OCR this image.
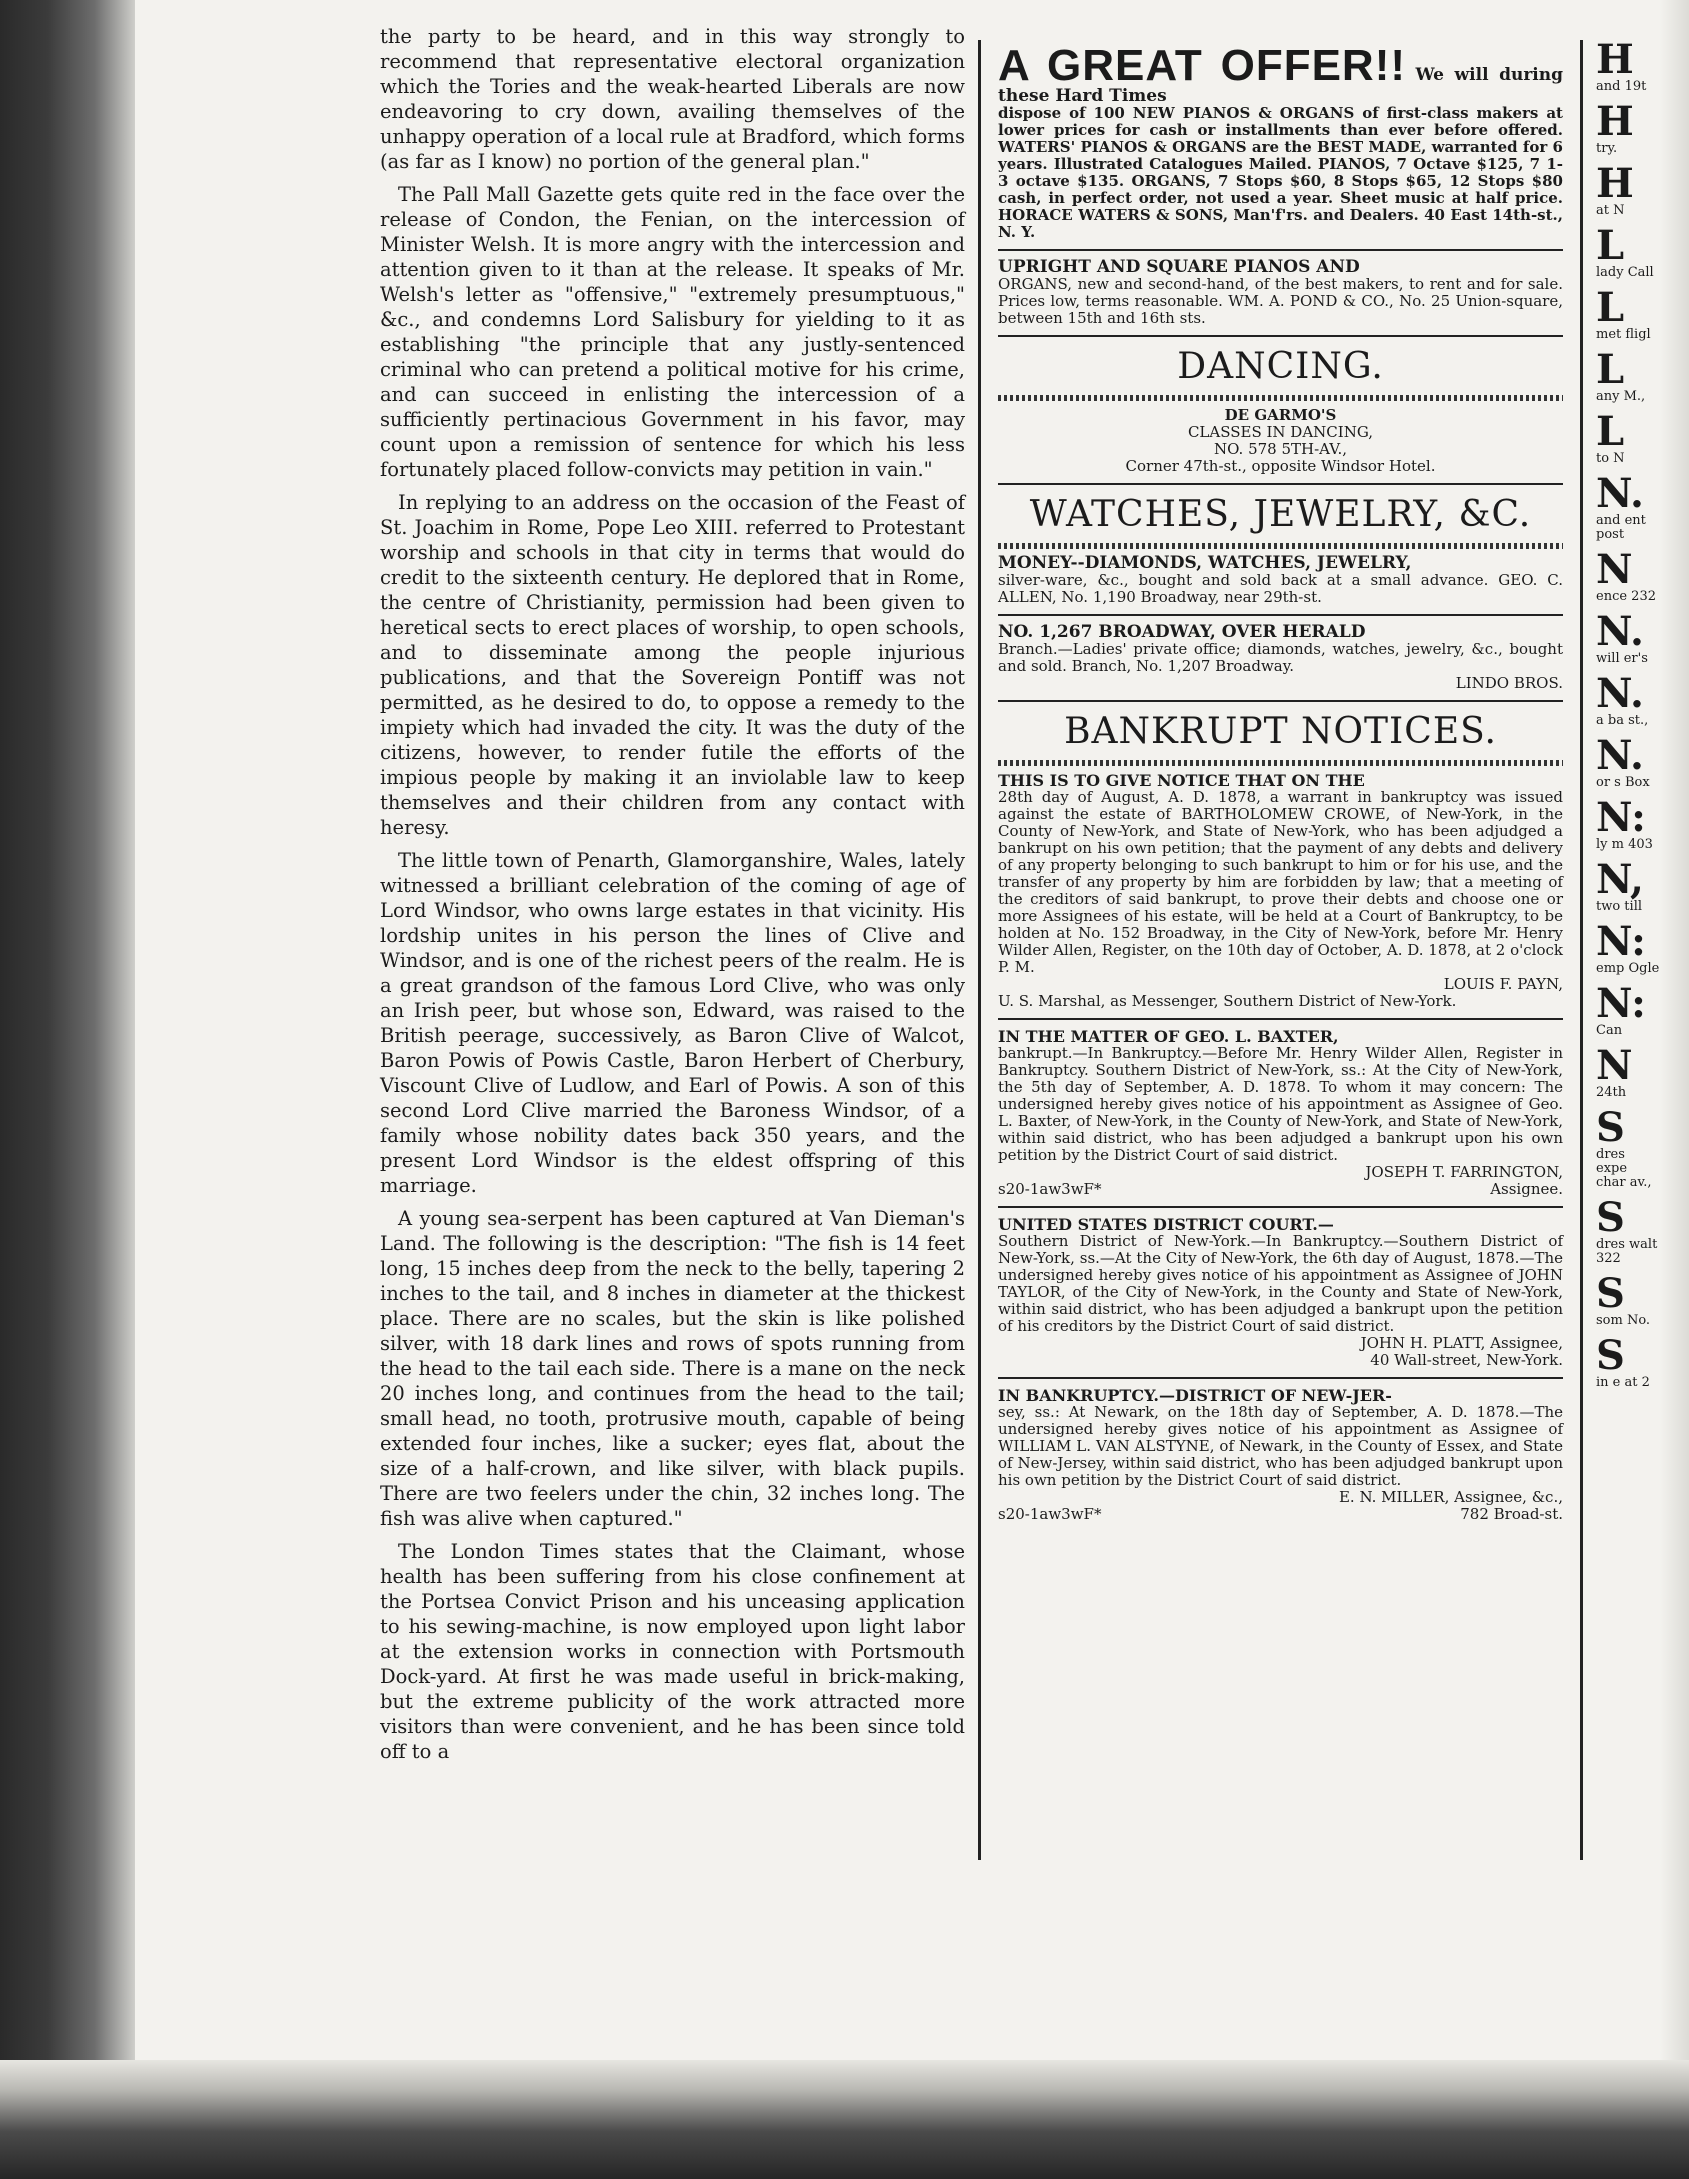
the party to be heard, and in this way strongly to recommend that representative electoral organization which the Tories and the weak-hearted Liberals are now endeavoring to cry down, availing themselves of the unhappy operation of a local rule at Bradford, which forms (as far as I know) no portion of the general plan."

The Pall Mall Gazette gets quite red in the face over the release of Condon, the Fenian, on the intercession of Minister Welsh. It is more angry with the intercession and attention given to it than at the release. It speaks of Mr. Welsh's letter as "offensive," "extremely presumptuous," &c., and condemns Lord Salisbury for yielding to it as establishing "the principle that any justly-sentenced criminal who can pretend a political motive for his crime, and can succeed in enlisting the intercession of a sufficiently pertinacious Government in his favor, may count upon a remission of sentence for which his less fortunately placed follow-convicts may petition in vain."

In replying to an address on the occasion of the Feast of St. Joachim in Rome, Pope Leo XIII. referred to Protestant worship and schools in that city in terms that would do credit to the sixteenth century. He deplored that in Rome, the centre of Christianity, permission had been given to heretical sects to erect places of worship, to open schools, and to disseminate among the people injurious publications, and that the Sovereign Pontiff was not permitted, as he desired to do, to oppose a remedy to the impiety which had invaded the city. It was the duty of the citizens, however, to render futile the efforts of the impious people by making it an inviolable law to keep themselves and their children from any contact with heresy.

The little town of Penarth, Glamorganshire, Wales, lately witnessed a brilliant celebration of the coming of age of Lord Windsor, who owns large estates in that vicinity. His lordship unites in his person the lines of Clive and Windsor, and is one of the richest peers of the realm. He is a great grandson of the famous Lord Clive, who was only an Irish peer, but whose son, Edward, was raised to the British peerage, successively, as Baron Clive of Walcot, Baron Powis of Powis Castle, Baron Herbert of Cherbury, Viscount Clive of Ludlow, and Earl of Powis. A son of this second Lord Clive married the Baroness Windsor, of a family whose nobility dates back 350 years, and the present Lord Windsor is the eldest offspring of this marriage.

A young sea-serpent has been captured at Van Dieman's Land. The following is the description: "The fish is 14 feet long, 15 inches deep from the neck to the belly, tapering 2 inches to the tail, and 8 inches in diameter at the thickest place. There are no scales, but the skin is like polished silver, with 18 dark lines and rows of spots running from the head to the tail each side. There is a mane on the neck 20 inches long, and continues from the head to the tail; small head, no tooth, protrusive mouth, capable of being extended four inches, like a sucker; eyes flat, about the size of a half-crown, and like silver, with black pupils. There are two feelers under the chin, 32 inches long. The fish was alive when captured."

The London Times states that the Claimant, whose health has been suffering from his close confinement at the Portsea Convict Prison and his unceasing application to his sewing-machine, is now employed upon light labor at the extension works in connection with Portsmouth Dock-yard. At first he was made useful in brick-making, but the extreme publicity of the work attracted more visitors than were convenient, and he has been since told off to a

A GREAT OFFER!! We will during these Hard Times
dispose of 100 NEW PIANOS & ORGANS of first-class makers at lower prices for cash or installments than ever before offered. WATERS' PIANOS & ORGANS are the BEST MADE, warranted for 6 years. Illustrated Catalogues Mailed. PIANOS, 7 Octave $125, 7 1-3 octave $135. ORGANS, 7 Stops $60, 8 Stops $65, 12 Stops $80 cash, in perfect order, not used a year. Sheet music at half price. HORACE WATERS & SONS, Man'f'rs. and Dealers. 40 East 14th-st., N. Y.
UPRIGHT AND SQUARE PIANOS AND
ORGANS, new and second-hand, of the best makers, to rent and for sale. Prices low, terms reasonable. WM. A. POND & CO., No. 25 Union-square, between 15th and 16th sts.
DANCING.
DE GARMO'S
CLASSES IN DANCING,
NO. 578 5TH-AV.,
Corner 47th-st., opposite Windsor Hotel.
WATCHES, JEWELRY, &C.
MONEY--DIAMONDS, WATCHES, JEWELRY,
silver-ware, &c., bought and sold back at a small advance. GEO. C. ALLEN, No. 1,190 Broadway, near 29th-st.
NO. 1,267 BROADWAY, OVER HERALD
Branch.—Ladies' private office; diamonds, watches, jewelry, &c., bought and sold. Branch, No. 1,207 Broadway.
LINDO BROS.
BANKRUPT NOTICES.
THIS IS TO GIVE NOTICE THAT ON THE
28th day of August, A. D. 1878, a warrant in bankruptcy was issued against the estate of BARTHOLOMEW CROWE, of New-York, in the County of New-York, and State of New-York, who has been adjudged a bankrupt on his own petition; that the payment of any debts and delivery of any property belonging to such bankrupt to him or for his use, and the transfer of any property by him are forbidden by law; that a meeting of the creditors of said bankrupt, to prove their debts and choose one or more Assignees of his estate, will be held at a Court of Bankruptcy, to be holden at No. 152 Broadway, in the City of New-York, before Mr. Henry Wilder Allen, Register, on the 10th day of October, A. D. 1878, at 2 o'clock P. M.
LOUIS F. PAYN,
U. S. Marshal, as Messenger, Southern District of New-York.
IN THE MATTER OF GEO. L. BAXTER,
bankrupt.—In Bankruptcy.—Before Mr. Henry Wilder Allen, Register in Bankruptcy. Southern District of New-York, ss.: At the City of New-York, the 5th day of September, A. D. 1878. To whom it may concern: The undersigned hereby gives notice of his appointment as Assignee of Geo. L. Baxter, of New-York, in the County of New-York, and State of New-York, within said district, who has been adjudged a bankrupt upon his own petition by the District Court of said district.
JOSEPH T. FARRINGTON,
s20-1aw3wF*	Assignee.
UNITED STATES DISTRICT COURT.—
Southern District of New-York.—In Bankruptcy.—Southern District of New-York, ss.—At the City of New-York, the 6th day of August, 1878.—The undersigned hereby gives notice of his appointment as Assignee of JOHN TAYLOR, of the City of New-York, in the County and State of New-York, within said district, who has been adjudged a bankrupt upon the petition of his creditors by the District Court of said district.
JOHN H. PLATT, Assignee,
40 Wall-street, New-York.
IN BANKRUPTCY.—DISTRICT OF NEW-JER-
sey, ss.: At Newark, on the 18th day of September, A. D. 1878.—The undersigned hereby gives notice of his appointment as Assignee of WILLIAM L. VAN ALSTYNE, of Newark, in the County of Essex, and State of New-Jersey, within said district, who has been adjudged bankrupt upon his own petition by the District Court of said district.
E. N. MILLER, Assignee, &c.,
s20-1aw3wF*	782 Broad-st.
H
and 19t
H
try.
H
at N
L
lady Call
L
met fligl
L
any M.,
L
to N
N.
and ent post
N
ence 232
N.
will er's
N.
a ba st.,
N.
or s Box
N:
ly m 403
N,
two till
N:
emp Ogle
N:
Can
N
24th
S
dres expe char av.,
S
dres walt 322
S
som No.
S
in e at 2
